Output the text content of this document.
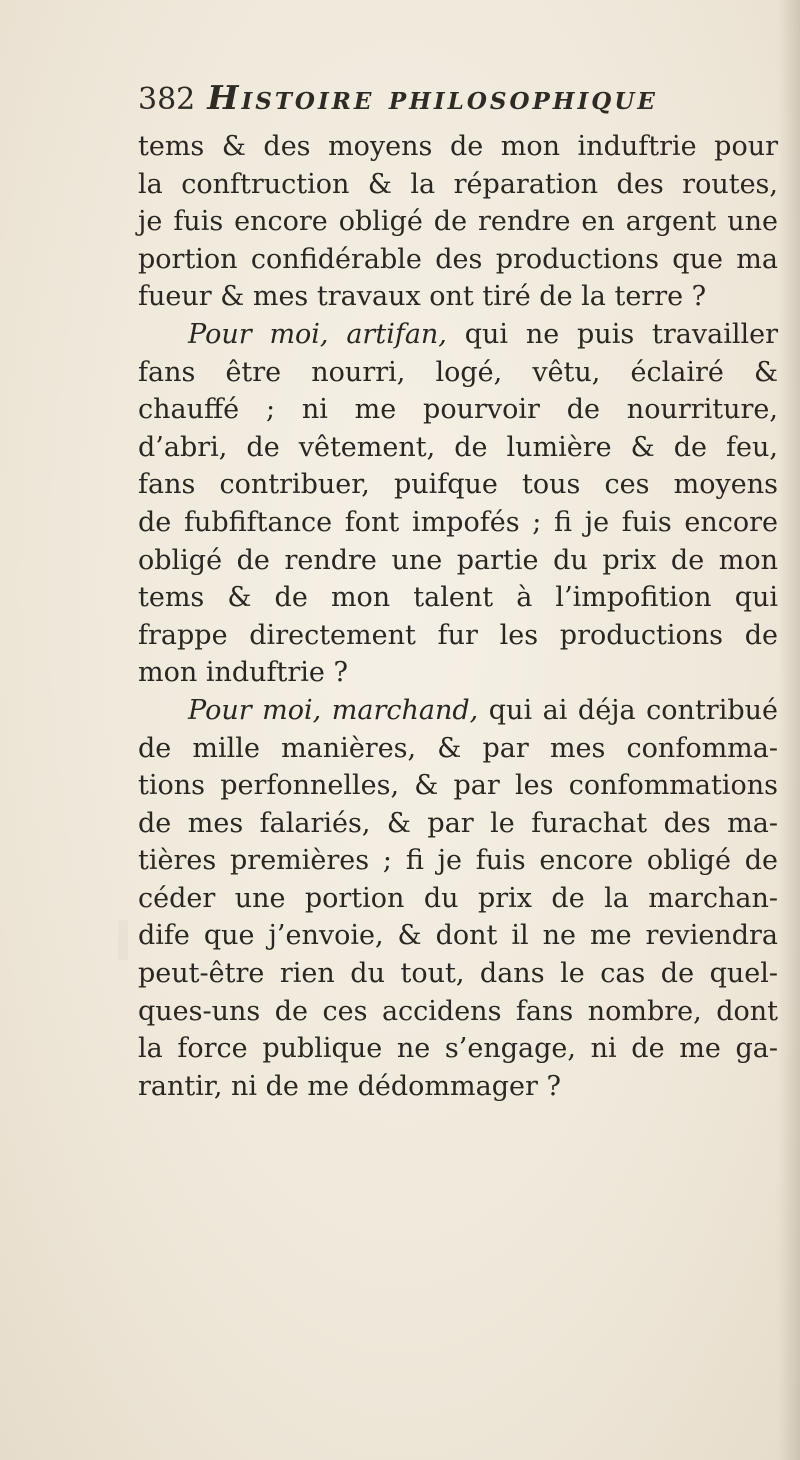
382 Histoire philosophique
tems & des moyens de mon induftrie pour
la conftruction & la réparation des routes,
je fuis encore obligé de rendre en argent une
portion confidérable des productions que ma
fueur & mes travaux ont tiré de la terre ?
Pour moi, artifan, qui ne puis travailler
fans être nourri, logé, vêtu, éclairé &
chauffé ; ni me pourvoir de nourriture,
d’abri, de vêtement, de lumière & de feu,
fans contribuer, puifque tous ces moyens
de fubfiftance font impofés ; fi je fuis encore
obligé de rendre une partie du prix de mon
tems & de mon talent à l’impofition qui
frappe directement fur les productions de
mon induftrie ?
Pour moi, marchand, qui ai déja contribué
de mille manières, & par mes confomma-
tions perfonnelles, & par les confommations
de mes falariés, & par le furachat des ma-
tières premières ; fi je fuis encore obligé de
céder une portion du prix de la marchan-
dife que j’envoie, & dont il ne me reviendra
peut-être rien du tout, dans le cas de quel-
ques-uns de ces accidens fans nombre, dont
la force publique ne s’engage, ni de me ga-
rantir, ni de me dédommager ?
